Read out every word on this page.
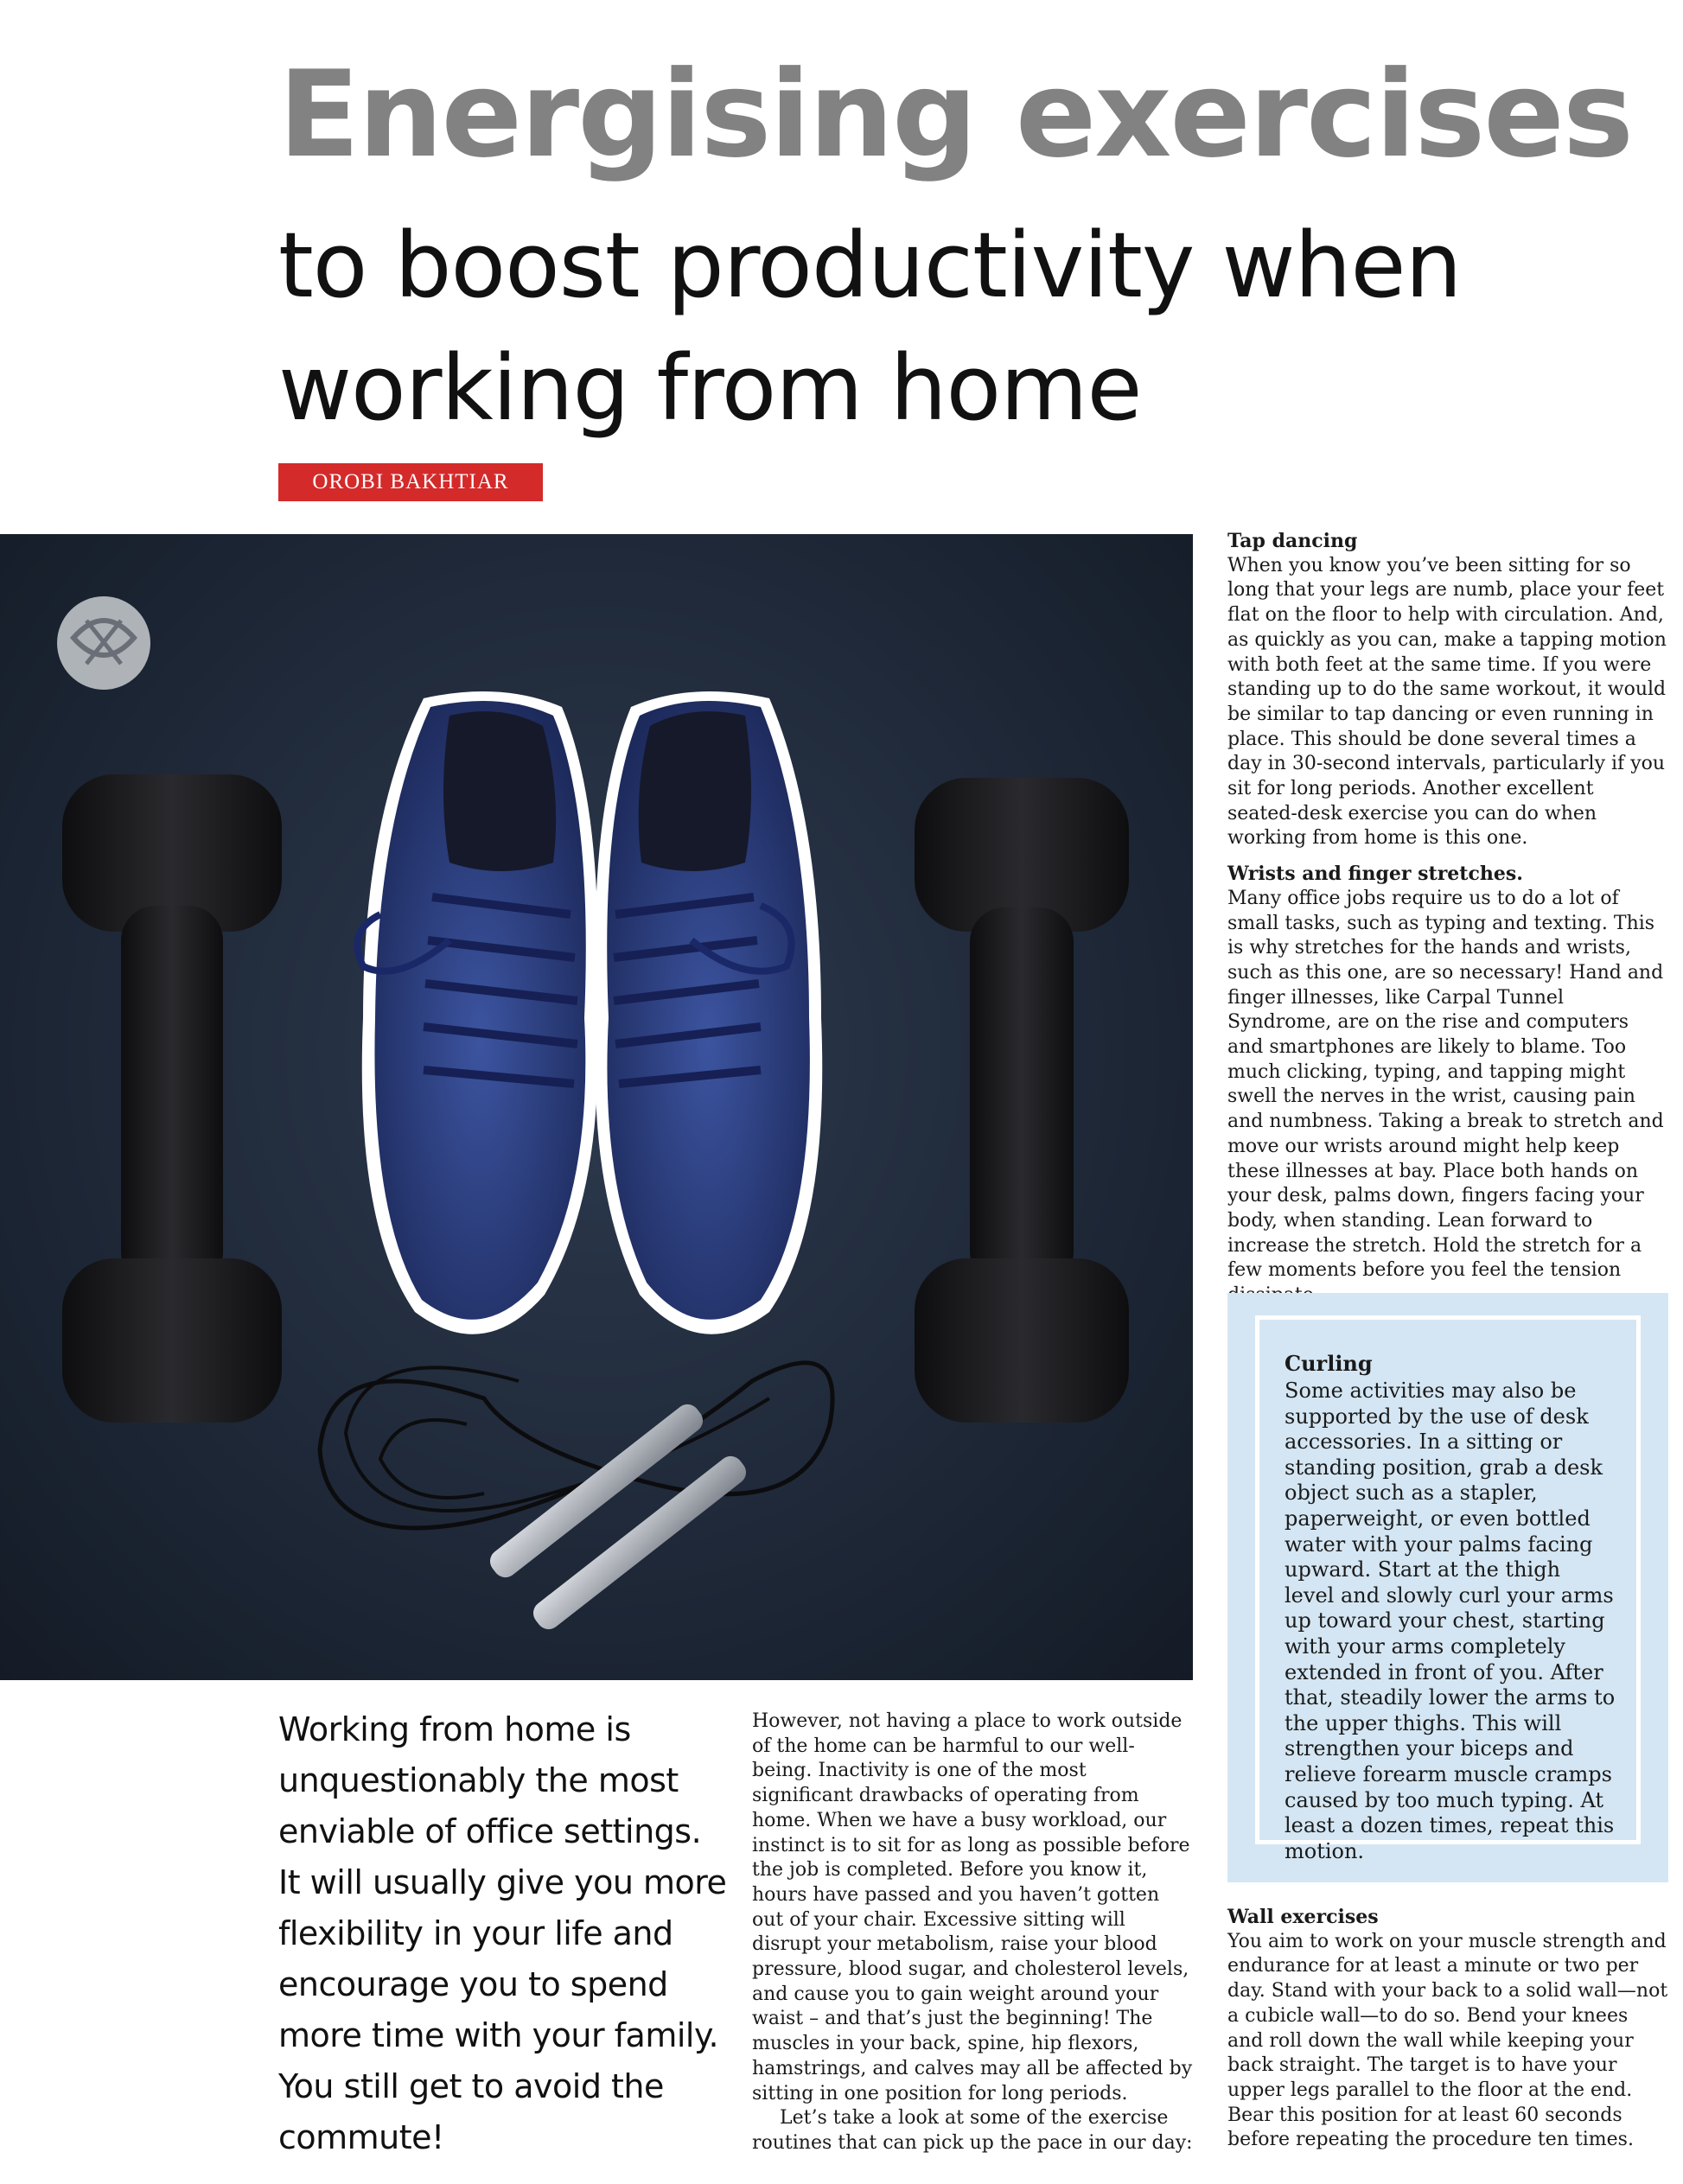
Energising exercises
to boost productivity when working from home
OROBI BAKHTIAR
Tap dancing

When you know you’ve been sitting for so long that your legs are numb, place your feet flat on the floor to help with circulation. And, as quickly as you can, make a tapping motion with both feet at the same time. If you were standing up to do the same workout, it would be similar to tap dancing or even running in place. This should be done several times a day in 30-second intervals, particularly if you sit for long periods. Another excellent seated-desk exercise you can do when working from home is this one.

Wrists and finger stretches.

Many office jobs require us to do a lot of small tasks, such as typing and texting. This is why stretches for the hands and wrists, such as this one, are so necessary! Hand and finger illnesses, like Carpal Tunnel Syndrome, are on the rise and computers and smartphones are likely to blame. Too much clicking, typing, and tapping might swell the nerves in the wrist, causing pain and numbness. Taking a break to stretch and move our wrists around might help keep these illnesses at bay. Place both hands on your desk, palms down, fingers facing your body, when standing. Lean forward to increase the stretch. Hold the stretch for a few moments before you feel the tension

Curling

Some activities may also be supported by the use of desk accessories. In a sitting or standing position, grab a desk object such as a stapler, paperweight, or even bottled water with your palms facing upward. Start at the thigh level and slowly curl your arms up toward your chest, starting with your arms completely extended in front of you. After that, steadily lower the arms to the upper thighs. This will strengthen your biceps and relieve forearm muscle cramps caused by too much typing. At least a dozen times, repeat this motion.

Wall exercises

You aim to work on your muscle strength and endurance for at least a minute or two per day. Stand with your back to a solid wall—not a cubicle wall—to do so. Bend your knees and roll down the wall while keeping your back straight. The target is to have your upper legs parallel to the floor at the end. Bear this position for at least 60 seconds before repeating the procedure ten times.

Working from home is unquestionably the most enviable of office settings. It will usually give you more flexibility in your life and encourage you to spend more time with your family. You still get to avoid the commute!

However, not having a place to work outside of the home can be harmful to our well-being. Inactivity is one of the most significant drawbacks of operating from home. When we have a busy workload, our instinct is to sit for as long as possible before the job is completed. Before you know it, hours have passed and you haven’t gotten out of your chair. Excessive sitting will disrupt your metabolism, raise your blood pressure, blood sugar, and cholesterol levels, and cause you to gain weight around your waist – and that’s just the beginning! The muscles in your back, spine, hip flexors, hamstrings, and calves may all be affected by sitting in one position for long periods.

Let’s take a look at some of the exercise routines that can pick up the pace in our day:
